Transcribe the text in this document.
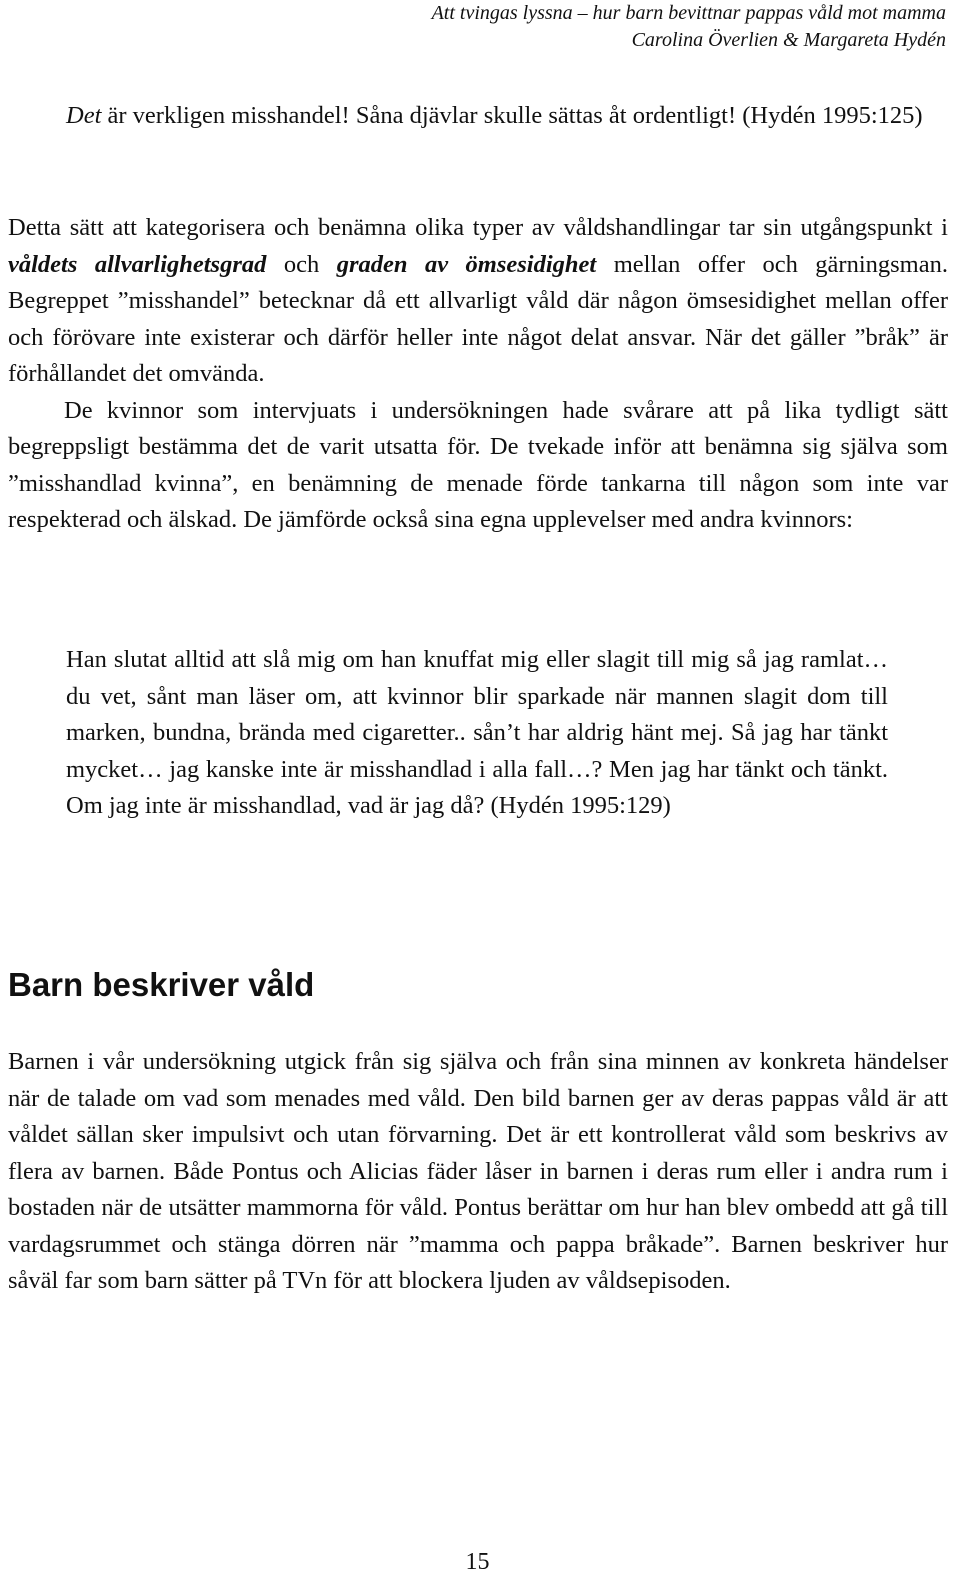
Att tvingas lyssna – hur barn bevittnar pappas våld mot mamma
Carolina Överlien & Margareta Hydén

Det är verkligen misshandel! Såna djävlar skulle sättas åt ordentligt! (Hydén 1995:125)

Detta sätt att kategorisera och benämna olika typer av våldshandlingar tar sin utgångspunkt i våldets allvarlighetsgrad och graden av ömsesidighet mellan offer och gärningsman. Begreppet ”misshandel” betecknar då ett allvarligt våld där någon ömsesidighet mellan offer och förövare inte existerar och därför heller inte något delat ansvar. När det gäller ”bråk” är förhållandet det omvända.
De kvinnor som intervjuats i undersökningen hade svårare att på lika tydligt sätt begreppsligt bestämma det de varit utsatta för. De tvekade inför att benämna sig själva som ”misshandlad kvinna”, en benämning de menade förde tankarna till någon som inte var respekterad och älskad. De jämförde också sina egna upplevelser med andra kvinnors:

Han slutat alltid att slå mig om han knuffat mig eller slagit till mig så jag ramlat… du vet, sånt man läser om, att kvinnor blir sparkade när mannen slagit dom till marken, bundna, brända med cigaretter.. sån’t har aldrig hänt mej. Så jag har tänkt mycket… jag kanske inte är misshandlad i alla fall…? Men jag har tänkt och tänkt. Om jag inte är misshandlad, vad är jag då? (Hydén 1995:129)

Barn beskriver våld

Barnen i vår undersökning utgick från sig själva och från sina minnen av konkreta händelser när de talade om vad som menades med våld. Den bild barnen ger av deras pappas våld är att våldet sällan sker impulsivt och utan förvarning. Det är ett kontrollerat våld som beskrivs av flera av barnen. Både Pontus och Alicias fäder låser in barnen i deras rum eller i andra rum i bostaden när de utsätter mammorna för våld. Pontus berättar om hur han blev ombedd att gå till vardagsrummet och stänga dörren när ”mamma och pappa bråkade”. Barnen beskriver hur såväl far som barn sätter på TVn för att blockera ljuden av våldsepisoden.

15
